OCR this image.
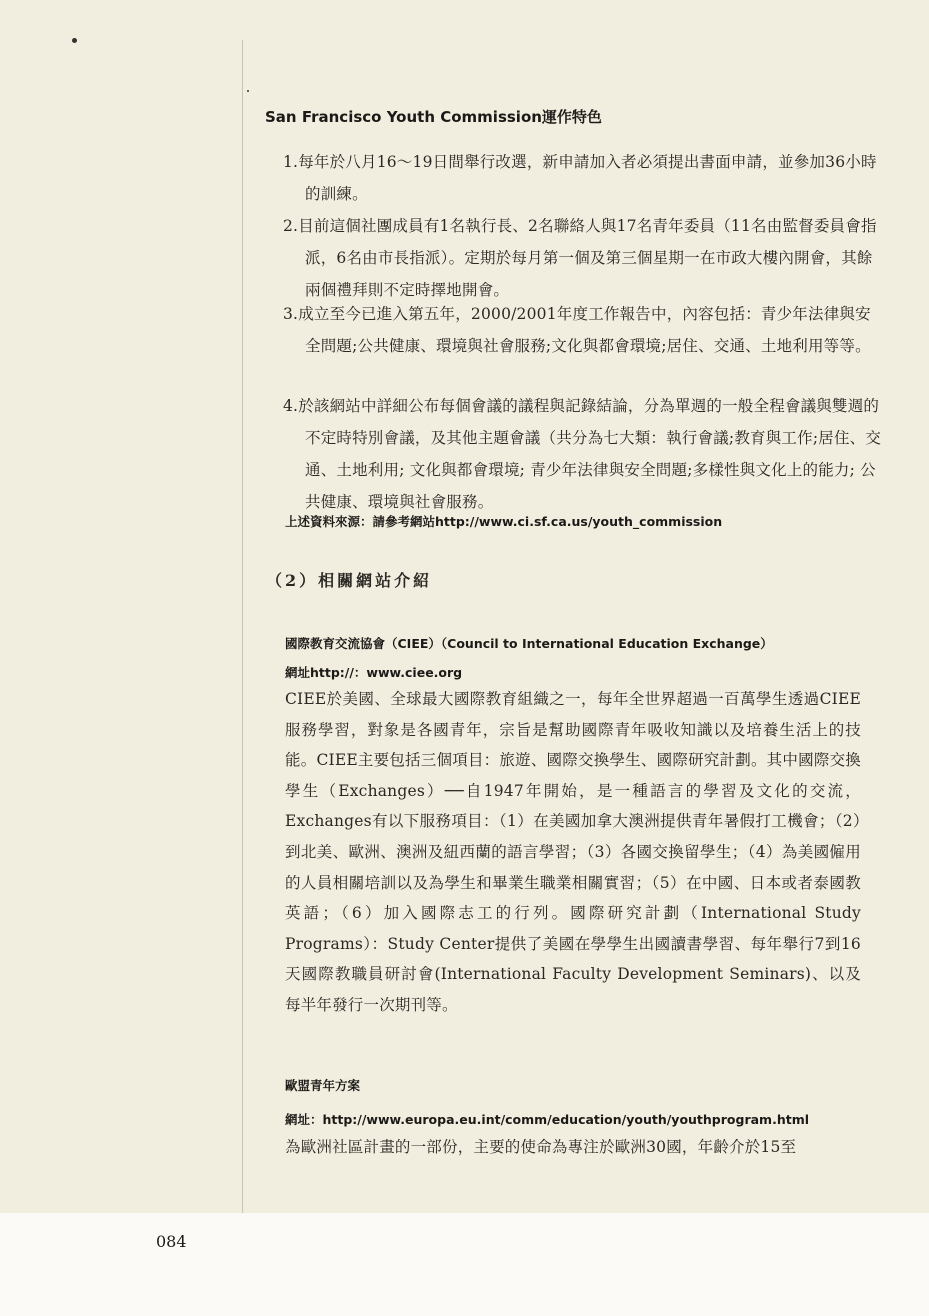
San Francisco Youth Commission運作特色
1.每年於八月16～19日間舉行改選，新申請加入者必須提出書面申請，並參加36小時的訓練。
2.目前這個社團成員有1名執行長、2名聯絡人與17名青年委員（11名由監督委員會指派，6名由市長指派）。定期於每月第一個及第三個星期一在市政大樓內開會，其餘兩個禮拜則不定時擇地開會。
3.成立至今已進入第五年，2000/2001年度工作報告中，內容包括：青少年法律與安全問題;公共健康、環境與社會服務;文化與都會環境;居住、交通、土地利用等等。
4.於該網站中詳細公布每個會議的議程與記錄結論，分為單週的一般全程會議與雙週的不定時特別會議，及其他主題會議（共分為七大類：執行會議;教育與工作;居住、交通、土地利用; 文化與都會環境; 青少年法律與安全問題;多樣性與文化上的能力; 公共健康、環境與社會服務。
上述資料來源：請參考網站http://www.ci.sf.ca.us/youth_commission
（2）相關網站介紹
國際教育交流協會（CIEE）（Council to International Education Exchange）
網址http://：www.ciee.org
CIEE於美國、全球最大國際教育組織之一，每年全世界超過一百萬學生透過CIEE服務學習，對象是各國青年，宗旨是幫助國際青年吸收知識以及培養生活上的技能。CIEE主要包括三個項目：旅遊、國際交換學生、國際研究計劃。其中國際交換學生（Exchanges）──自1947年開始，是一種語言的學習及文化的交流， Exchanges有以下服務項目：（1）在美國加拿大澳洲提供青年暑假打工機會；（2）到北美、歐洲、澳洲及紐西蘭的語言學習；（3）各國交換留學生；（4）為美國僱用的人員相關培訓以及為學生和畢業生職業相關實習；（5）在中國、日本或者泰國教英語；（6）加入國際志工的行列。國際研究計劃（International Study Programs）：Study Center提供了美國在學學生出國讀書學習、每年舉行7到16天國際教職員研討會(International Faculty Development Seminars)、以及每半年發行一次期刊等。
歐盟青年方案
網址：http://www.europa.eu.int/comm/education/youth/youthprogram.html
為歐洲社區計畫的一部份，主要的使命為專注於歐洲30國，年齡介於15至
084
